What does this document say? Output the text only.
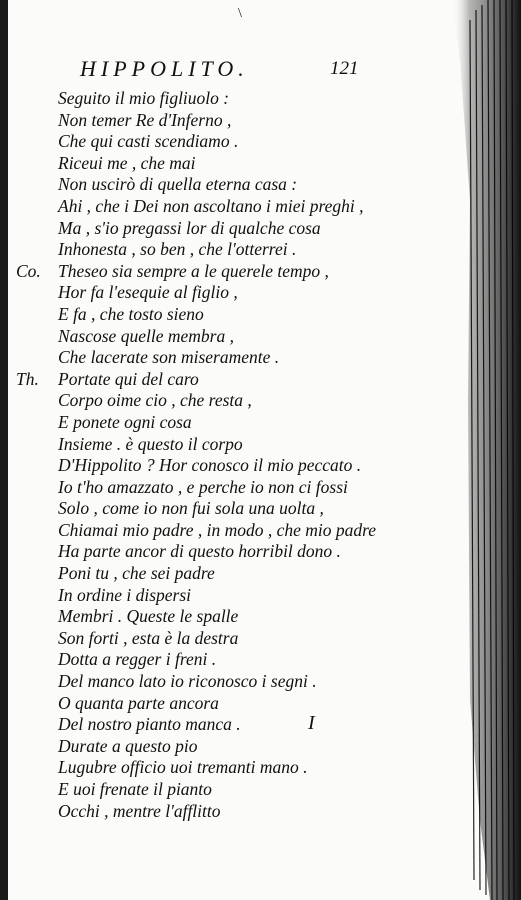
\
HIPPOLITO.	121
Seguito il mio figliuolo :
Non temer Re d'Inferno ,
Che qui casti scendiamo .
Riceui me , che mai
Non uscirò di quella eterna casa :
Ahi , che i Dei non ascoltano i miei preghi ,
Ma , s'io pregassi lor di qualche cosa
Inhonesta , so ben , che l'otterrei .
Co. Theseo sia sempre a le querele tempo ,
Hor fa l'esequie al figlio ,
E fa , che tosto sieno
Nascose quelle membra ,
Che lacerate son miseramente .
Th. Portate qui del caro
Corpo oime cio , che resta ,
E ponete ogni cosa
Insieme . è questo il corpo
D'Hippolito ? Hor conosco il mio peccato .
Io t'ho amazzato , e perche io non ci fossi
Solo , come io non fui sola una uolta ,
Chiamai mio padre , in modo , che mio padre
Ha parte ancor di questo horribil dono .
Poni tu , che sei padre
In ordine i dispersi
Membri . Queste le spalle
Son forti , esta è la destra
Dotta a regger i freni .
Del manco lato io riconosco i segni .
O quanta parte ancora
Del nostro pianto manca .
Durate a questo pio
Lugubre officio uoi tremanti mano .
E uoi frenate il pianto
Occhi , mentre l'afflitto
I
